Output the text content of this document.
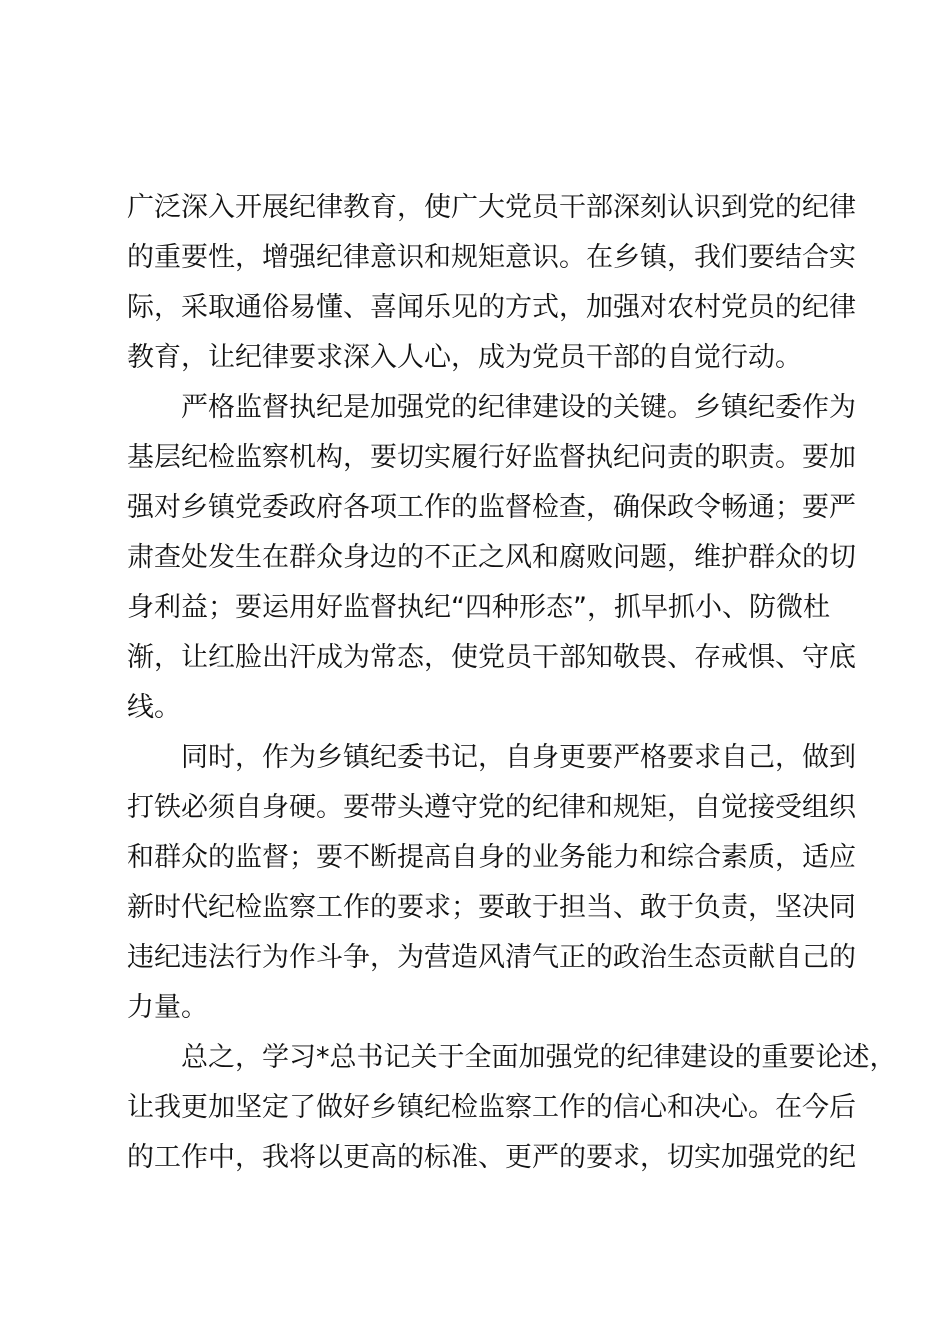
广泛深入开展纪律教育，使广大党员干部深刻认识到党的纪律
的重要性，增强纪律意识和规矩意识。在乡镇，我们要结合实
际，采取通俗易懂、喜闻乐见的方式，加强对农村党员的纪律
教育，让纪律要求深入人心，成为党员干部的自觉行动。
严格监督执纪是加强党的纪律建设的关键。乡镇纪委作为
基层纪检监察机构，要切实履行好监督执纪问责的职责。要加
强对乡镇党委政府各项工作的监督检查，确保政令畅通；要严
肃查处发生在群众身边的不正之风和腐败问题，维护群众的切
身利益；要运用好监督执纪“四种形态”，抓早抓小、防微杜
渐，让红脸出汗成为常态，使党员干部知敬畏、存戒惧、守底
线。
同时，作为乡镇纪委书记，自身更要严格要求自己，做到
打铁必须自身硬。要带头遵守党的纪律和规矩，自觉接受组织
和群众的监督；要不断提高自身的业务能力和综合素质，适应
新时代纪检监察工作的要求；要敢于担当、敢于负责，坚决同
违纪违法行为作斗争，为营造风清气正的政治生态贡献自己的
力量。
总之，学习*总书记关于全面加强党的纪律建设的重要论述，
让我更加坚定了做好乡镇纪检监察工作的信心和决心。在今后
的工作中，我将以更高的标准、更严的要求，切实加强党的纪
